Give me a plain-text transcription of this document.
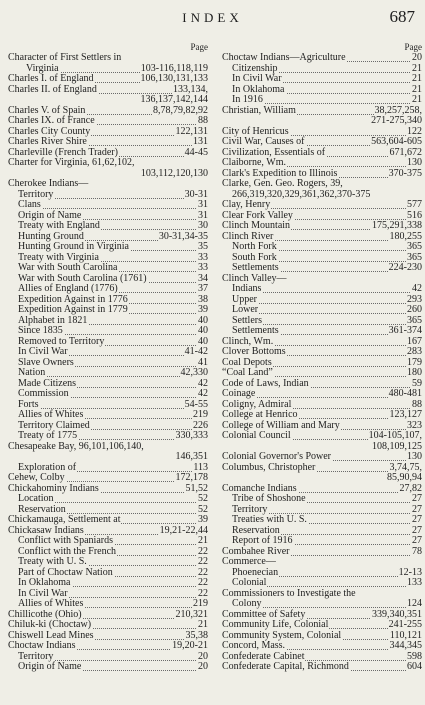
INDEX	687
Page
Character of First Settlers in
Virginia	103-116,118,119
Charles I. of England	106,130,131,133
Charles II. of England	133,134,
136,137,142,144
Charles V. of Spain	8,78,79,82,92
Charles IX. of France	88
Charles City County	122,131
Charles River Shire	131
Charleville (French Trader)	44-45
Charter for Virginia, 61,62,102,
103,112,120,130
Cherokee Indians—
Territory	30-31
Clans	31
Origin of Name	31
Treaty with England	30
Hunting Ground	30-31,34-35
Hunting Ground in Virginia	35
Treaty with Virginia	33
War with South Carolina	33
War with South Carolina (1761)	34
Allies of England (1776)	37
Expedition Against in 1776	38
Expedition Against in 1779	39
Alphabet in 1821	40
Since 1835	40
Removed to Territory	40
In Civil War	41-42
Slave Owners	41
Nation	42,330
Made Citizens	42
Commission	42
Forts	54-55
Allies of Whites	219
Territory Claimed	226
Treaty of 1775	330,333
Chesapeake Bay, 96,101,106,140,
146,351
Exploration of	113
Cehew, Colby	172,178
Chickahominy Indians	51,52
Location	52
Reservation	52
Chickamauga, Settlement at	39
Chickasaw Indians	19,21-22,44
Conflict with Spaniards	21
Conflict with the French	22
Treaty with U. S.	22
Part of Choctaw Nation	22
In Oklahoma	22
In Civil War	22
Allies of Whites	219
Chillicothe (Ohio)	210,321
Chiluk-ki (Choctaw)	21
Chiswell Lead Mines	35,38
Choctaw Indians	19,20-21
Territory	20
Origin of Name	20
Page
Choctaw Indians—Agriculture	20
Citizenship	21
In Civil War	21
In Oklahoma	21
In 1916	21
Christian, William	38,257,258,
271-275,340
City of Henricus	122
Civil War, Causes of	563,604-605
Civilization, Essentials of	671,672
Claiborne, Wm.	130
Clark's Expedition to Illinois	370-375
Clarke, Gen. Geo. Rogers, 39,
266,319,320,329,361,362,370-375
Clay, Henry	577
Clear Fork Valley	516
Clinch Mountain	175,291,338
Clinch River	180,255
North Fork	365
South Fork	365
Settlements	224-230
Clinch Valley—
Indians	42
Upper	293
Lower	260
Settlers	365
Settlements	361-374
Clinch, Wm.	167
Clover Bottoms	283
Coal Depots	179
“Coal Land”	180
Code of Laws, Indian	59
Coinage	480-481
Coligny, Admiral	88
College at Henrico	123,127
College of William and Mary	323
Colonial Council	104-105,107,
108,109,125
Colonial Governor's Power	130
Columbus, Christopher	3,74,75,
85,90,94
Comanche Indians	27,82
Tribe of Shoshone	27
Territory	27
Treaties with U. S.	27
Reservation	27
Report of 1916	27
Combahee River	78
Commerce—
Phoenecian	12-13
Colonial	133
Commissioners to Investigate the
Colony	124
Committee of Safety	339,340,351
Community Life, Colonial	241-255
Community System, Colonial	110,121
Concord, Mass.	344,345
Confederate Cabinet	598
Confederate Capital, Richmond	604
